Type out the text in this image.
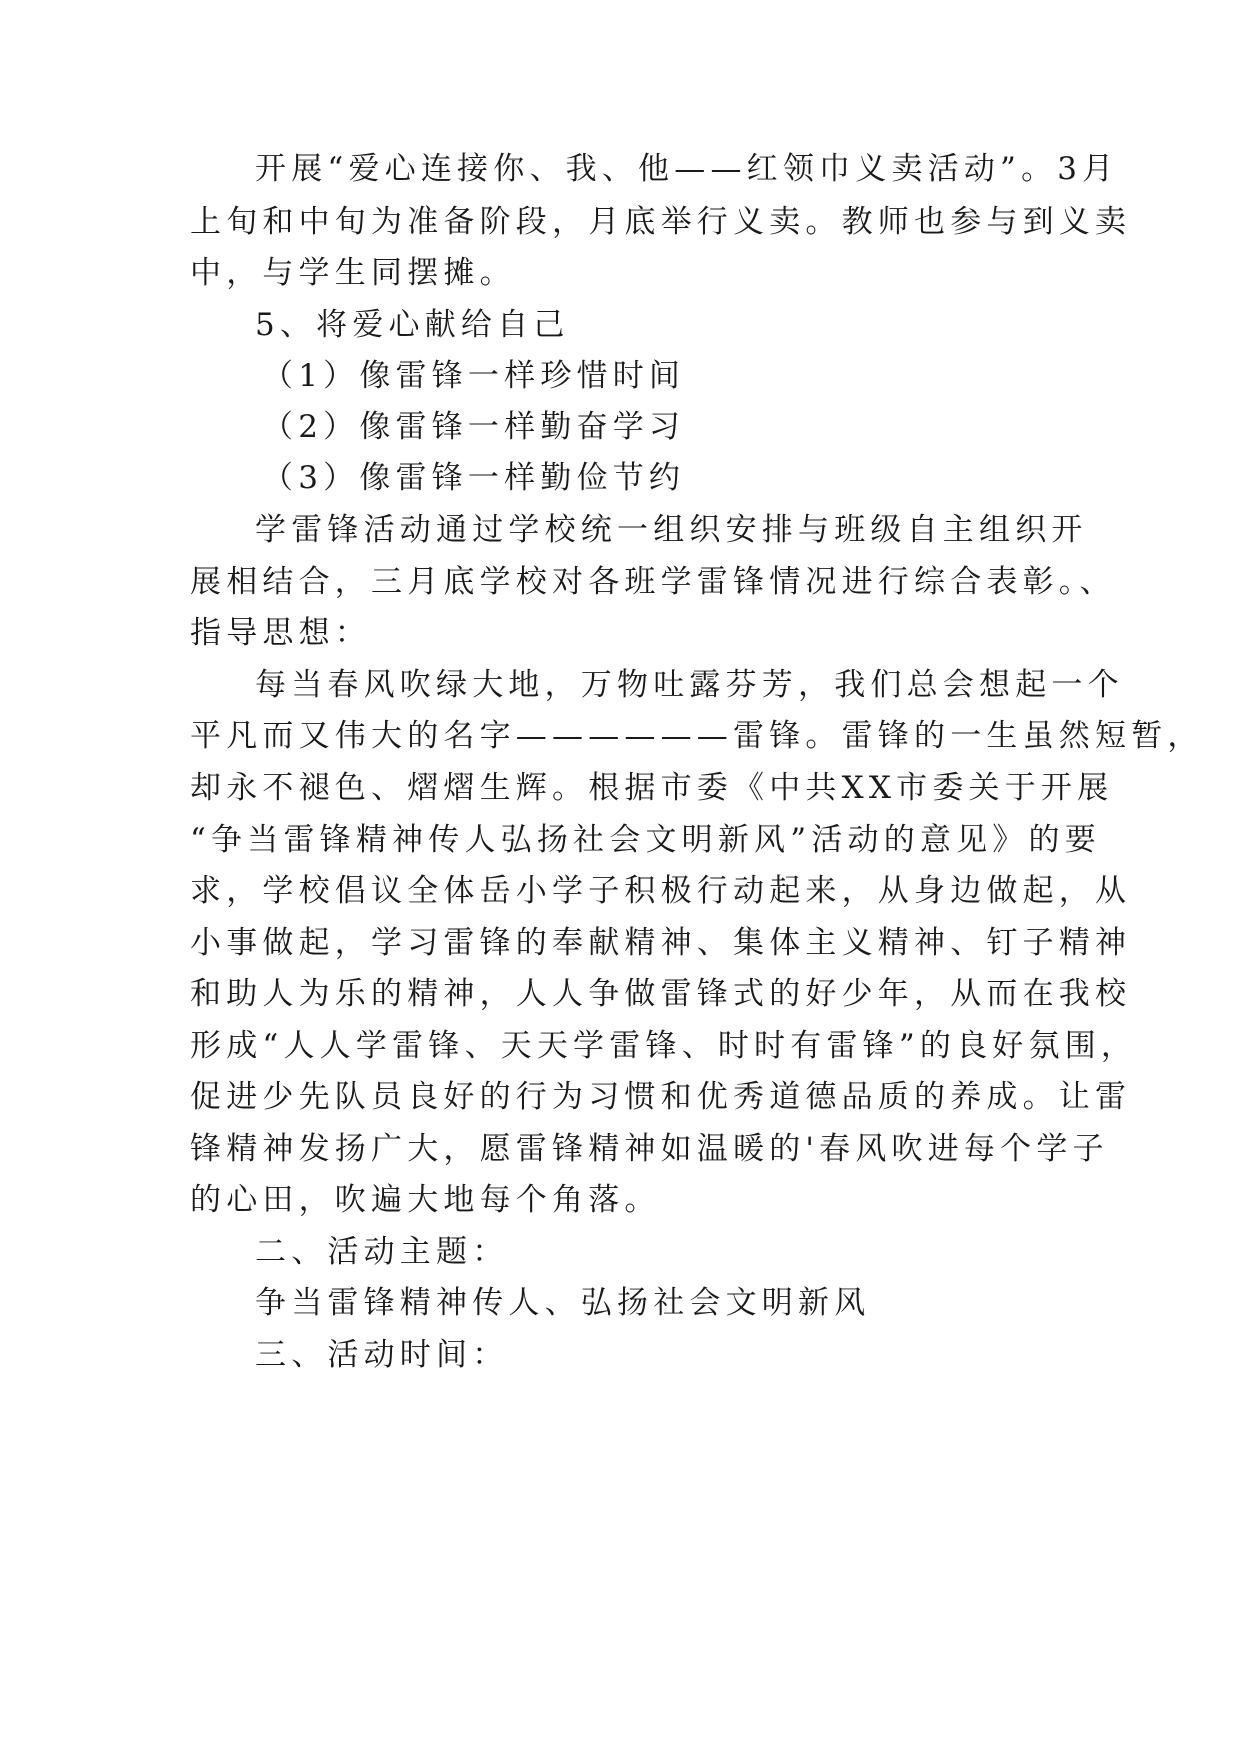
开展“爱心连接你、我、他——红领巾义卖活动”。3月

上旬和中旬为准备阶段，月底举行义卖。教师也参与到义卖

中，与学生同摆摊。

5、将爱心献给自己

（1）像雷锋一样珍惜时间

（2）像雷锋一样勤奋学习

（3）像雷锋一样勤俭节约

学雷锋活动通过学校统一组织安排与班级自主组织开

展相结合，三月底学校对各班学雷锋情况进行综合表彰。、

指导思想：

每当春风吹绿大地，万物吐露芬芳，我们总会想起一个

平凡而又伟大的名字——————雷锋。雷锋的一生虽然短暂，

却永不褪色、熠熠生辉。根据市委《中共XX市委关于开展

“争当雷锋精神传人弘扬社会文明新风”活动的意见》的要

求，学校倡议全体岳小学子积极行动起来，从身边做起，从

小事做起，学习雷锋的奉献精神、集体主义精神、钉子精神

和助人为乐的精神，人人争做雷锋式的好少年，从而在我校

形成“人人学雷锋、天天学雷锋、时时有雷锋”的良好氛围，

促进少先队员良好的行为习惯和优秀道德品质的养成。让雷

锋精神发扬广大，愿雷锋精神如温暖的'春风吹进每个学子

的心田，吹遍大地每个角落。

二、活动主题：

争当雷锋精神传人、弘扬社会文明新风

三、活动时间：
